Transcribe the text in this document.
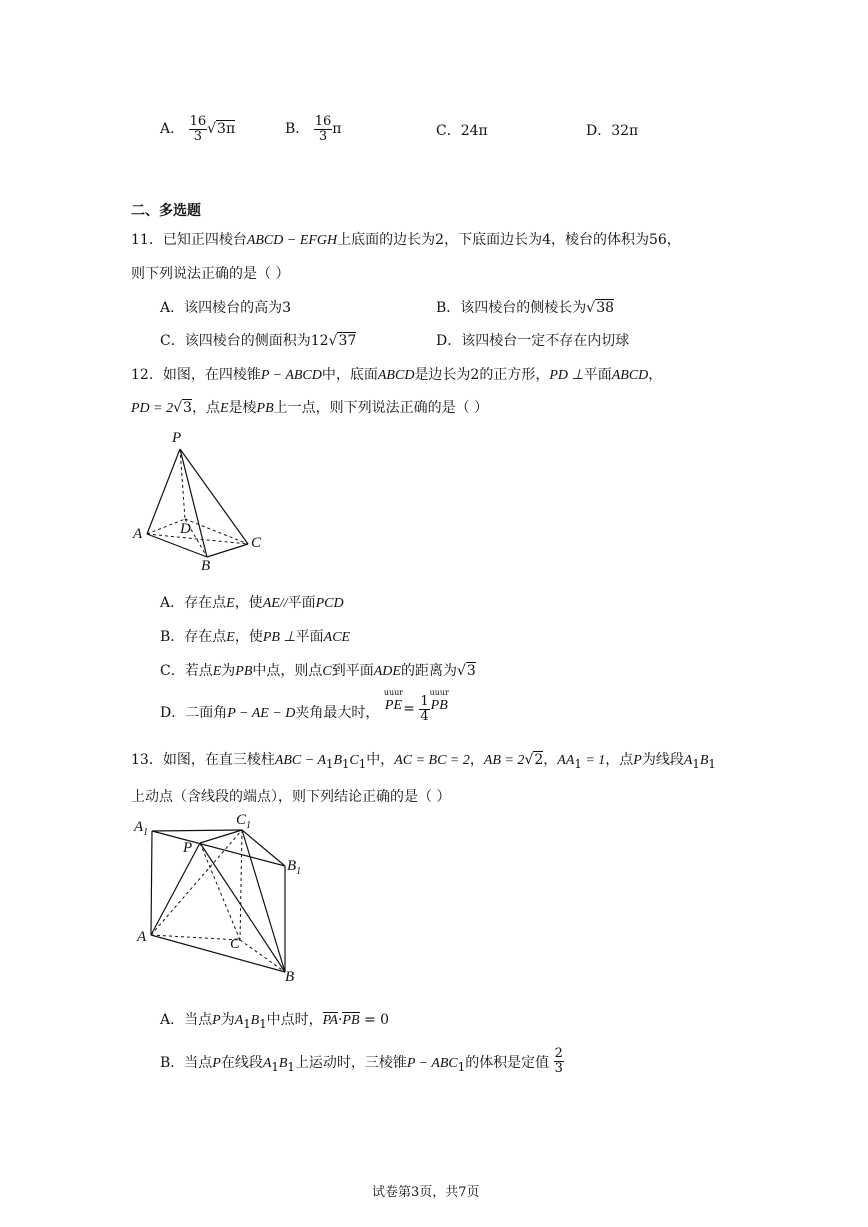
A． $\frac{16}{3} √3\pi$	B． $\frac{16}{3}$ π	C．24π	D．32π
二、多选题
11．已知正四棱台ABCD − EFGH上底面的边长为2，下底面边长为4，棱台的体积为56，
则下列说法正确的是（ ）
A．该四棱台的高为3	B．该四棱台的侧棱长为√38
C．该四棱台的侧面积为12√37	D．该四棱台一定不存在内切球
12．如图，在四棱锥P − ABCD中，底面ABCD是边长为2的正方形，PD ⊥平面ABCD，
PD = 2√3，点E是棱PB上一点，则下列说法正确的是（ ）
P
A	D
C
B
A．存在点E，使AE//平面PCD
B．存在点E，使PB ⊥平面ACE
C．若点E为PB中点，则点C到平面ADE的距离为√3
D．二面角P − AE − D夹角最大时，
uuur
$PE= \frac{1}{4}$
uuur
PB
13．如图，在直三棱柱ABC − $A_1B_1C_1$中，AC = BC = 2，AB = 2√2，$AA_1 = 1$，点P为线段$A_1B_1$
上动点（含线段的端点），则下列结论正确的是（ ）
$A_1$
$C_1$
$B_1$
P
A	C
B
A．当点P为$A_1B_1$中点时，PA·PB = 0
B．当点P在线段$A_1B_1$上运动时，三棱锥$P - ABC_1$的体积是定值 $\frac{2}{3}$
试卷第3页，共7页
